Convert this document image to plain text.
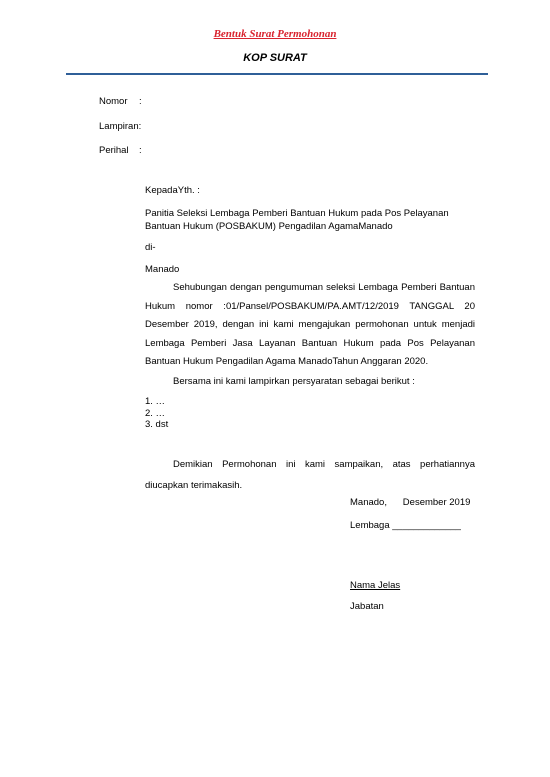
Bentuk Surat Permohonan
KOP SURAT
Nomor :
Lampiran:
Perihal :
KepadaYth. :
Panitia Seleksi Lembaga Pemberi Bantuan Hukum pada Pos Pelayanan Bantuan Hukum (POSBAKUM) Pengadilan AgamaManado
di-
Manado
Sehubungan dengan pengumuman seleksi Lembaga Pemberi Bantuan Hukum nomor :01/Pansel/POSBAKUM/PA.AMT/12/2019 TANGGAL 20 Desember 2019, dengan ini kami mengajukan permohonan untuk menjadi Lembaga Pemberi Jasa Layanan Bantuan Hukum pada Pos Pelayanan Bantuan Hukum Pengadilan Agama ManadoTahun Anggaran 2020.
Bersama ini kami lampirkan persyaratan sebagai berikut :
1. …
2. …
3. dst
Demikian Permohonan ini kami sampaikan, atas perhatiannya diucapkan terimakasih.
Manado,      Desember 2019
Lembaga _____________
Nama Jelas
Jabatan
